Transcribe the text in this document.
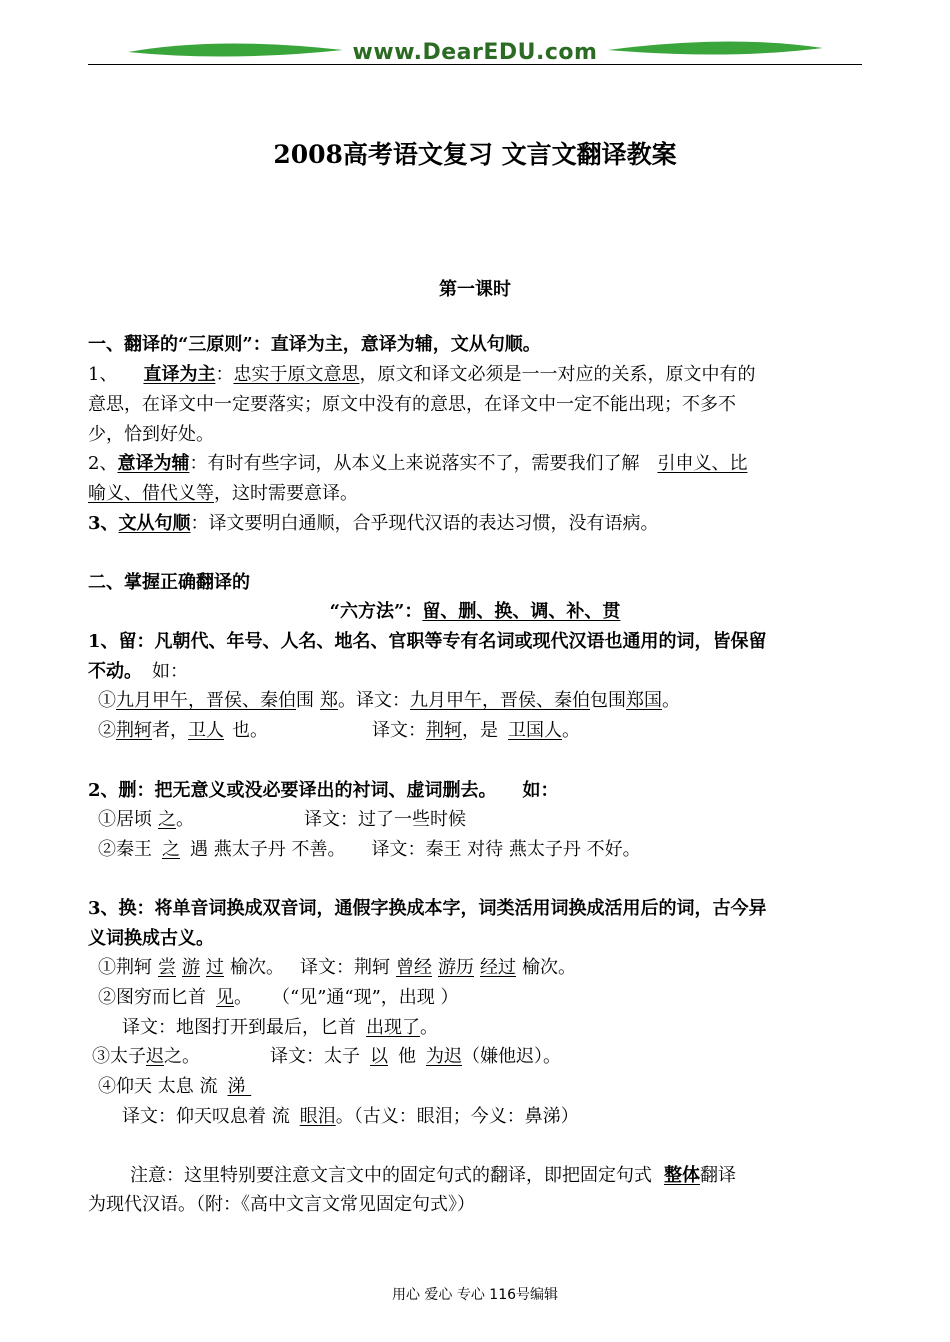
www.DearEDU.com
2008高考语文复习 文言文翻译教案
第一课时
一、翻译的“三原则”：直译为主，意译为辅，文从句顺。
1、 直译为主：忠实于原文意思，原文和译文必须是一一对应的关系，原文中有的
意思，在译文中一定要落实；原文中没有的意思，在译文中一定不能出现；不多不
少，恰到好处。
2、意译为辅：有时有些字词，从本义上来说落实不了，需要我们了解 引申义、比
喻义、借代义等，这时需要意译。
3、文从句顺：译文要明白通顺，合乎现代汉语的表达习惯，没有语病。
二、掌握正确翻译的
“六方法”：留、删、换、调、补、贯
1、留：凡朝代、年号、人名、地名、官职等专有名词或现代汉语也通用的词，皆保留
不动。 如：
①九月甲午，晋侯、秦伯围 郑。译文：九月甲午，晋侯、秦伯包围郑国。
②荆轲者，卫人 也。	译文：荆轲，是 卫国人。
2、删：把无意义或没必要译出的衬词、虚词删去。 如：
①居顷 之。	译文：过了一些时候
②秦王 之 遇 燕太子丹 不善。 译文：秦王 对待 燕太子丹 不好。
3、换：将单音词换成双音词，通假字换成本字，词类活用词换成活用后的词，古今异
义词换成古义。
①荆轲 尝 游 过 榆次。 译文：荆轲 曾经 游历 经过 榆次。
②图穷而匕首 见。 （“见”通“现”，出现 ）
译文：地图打开到最后，匕首 出现了。
③太子迟之。	译文：太子 以 他 为迟（嫌他迟）。
④仰天 太息 流 涕
译文：仰天叹息着 流 眼泪。（古义：眼泪；今义：鼻涕）
注意：这里特别要注意文言文中的固定句式的翻译，即把固定句式 整体翻译
为现代汉语。（附：《高中文言文常见固定句式》）
用心 爱心 专心 116号编辑
